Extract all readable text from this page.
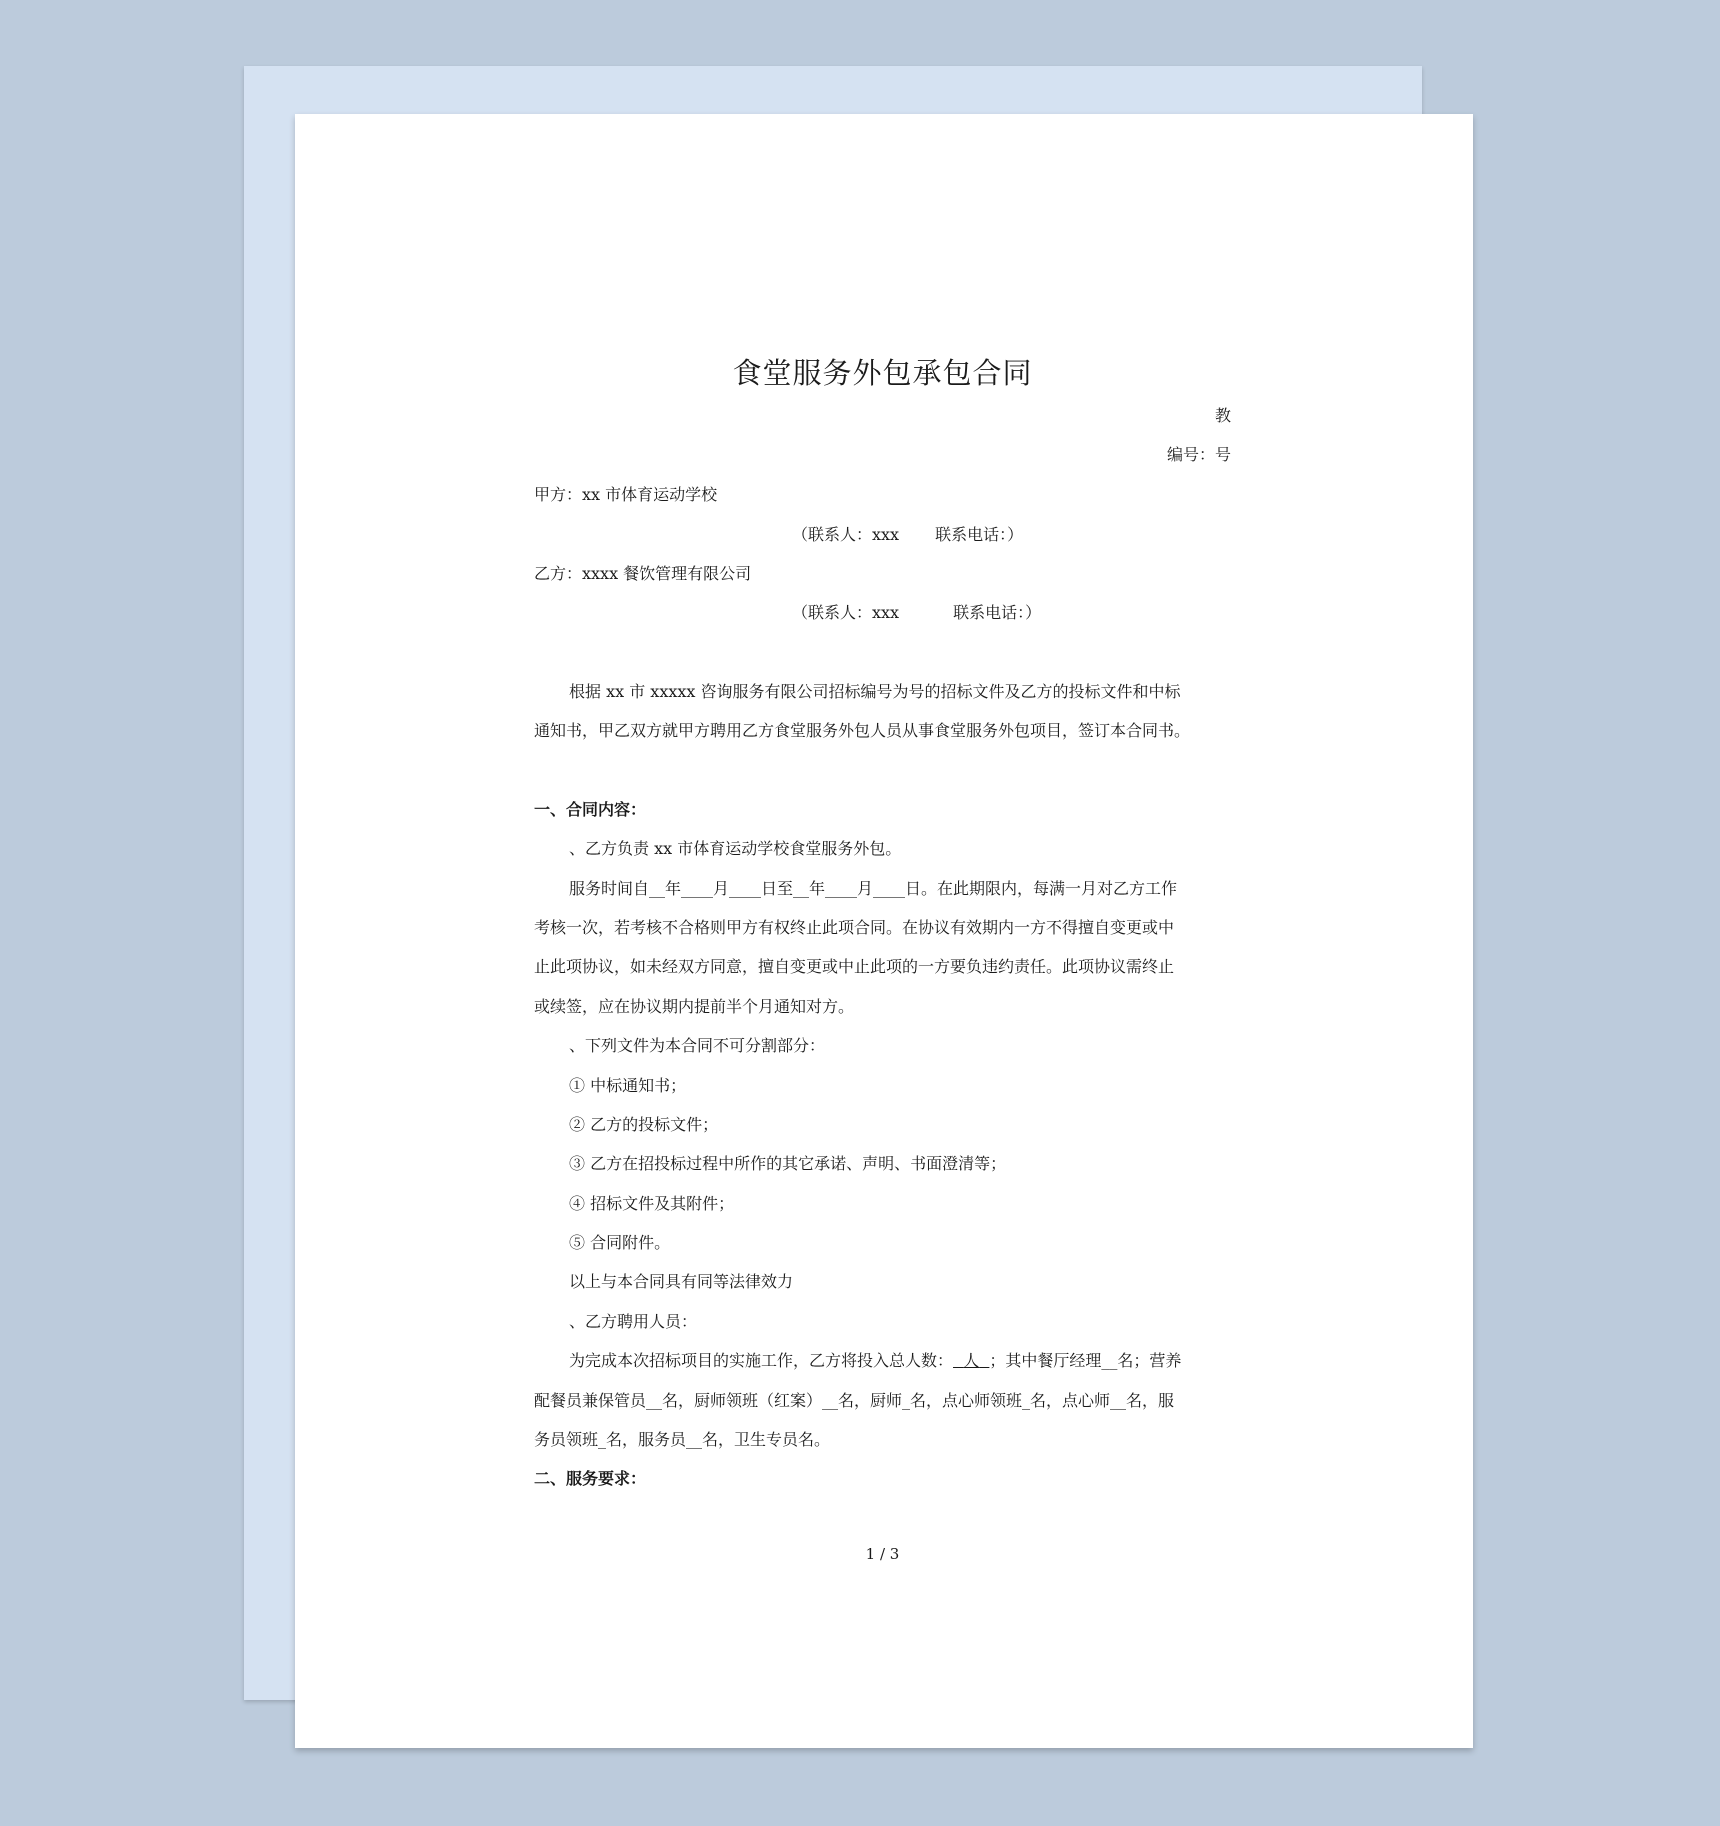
食堂服务外包承包合同
教
编号：号
甲方：xx 市体育运动学校
（联系人：xxx 联系电话：）
乙方：xxxx 餐饮管理有限公司
（联系人：xxx	联系电话：）
根据 xx 市 xxxxx 咨询服务有限公司招标编号为号的招标文件及乙方的投标文件和中标
通知书，甲乙双方就甲方聘用乙方食堂服务外包人员从事食堂服务外包项目，签订本合同书。
一、合同内容：
、乙方负责 xx 市体育运动学校食堂服务外包。
服务时间自__年____月____日至__年____月____日。在此期限内，每满一月对乙方工作
考核一次，若考核不合格则甲方有权终止此项合同。在协议有效期内一方不得擅自变更或中
止此项协议，如未经双方同意，擅自变更或中止此项的一方要负违约责任。此项协议需终止
或续签，应在协议期内提前半个月通知对方。
、下列文件为本合同不可分割部分：
① 中标通知书；
② 乙方的投标文件；
③ 乙方在招投标过程中所作的其它承诺、声明、书面澄清等；
④ 招标文件及其附件；
⑤ 合同附件。
以上与本合同具有同等法律效力
、乙方聘用人员：
为完成本次招标项目的实施工作，乙方将投入总人数： 人 ；其中餐厅经理__名；营养
配餐员兼保管员__名，厨师领班（红案）__名，厨师_名，点心师领班_名，点心师__名，服
务员领班_名，服务员__名，卫生专员名。
二、服务要求：
1 / 3
